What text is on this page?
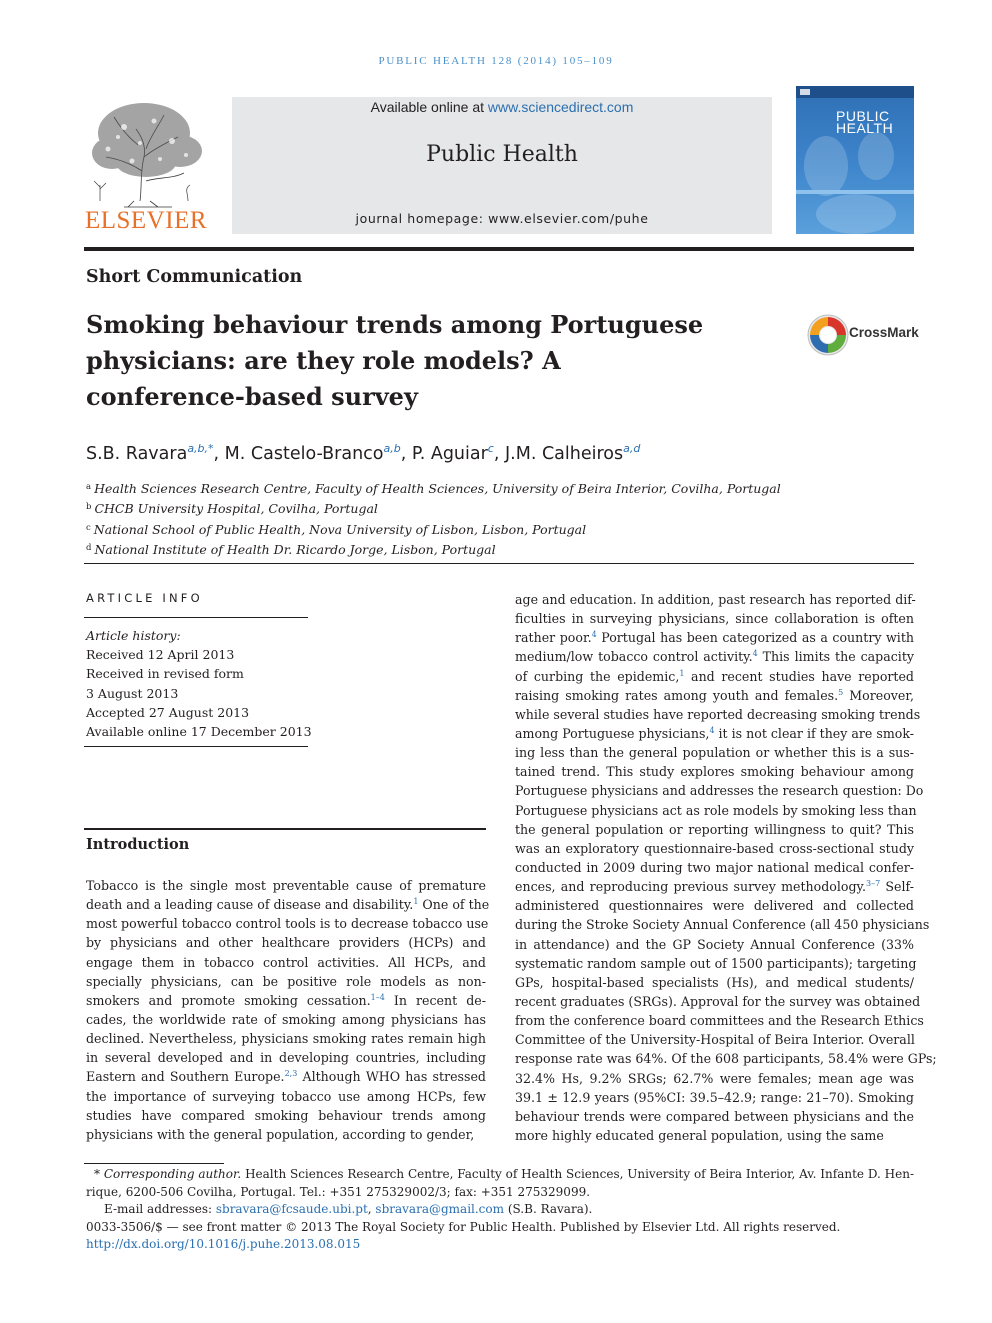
PUBLIC HEALTH 128 (2014) 105–109
ELSEVIER
Available online at www.sciencedirect.com
Public Health
journal homepage: www.elsevier.com/puhe
PUBLIC
HEALTH
Short Communication
Smoking behaviour trends among Portuguese
physicians: are they role models? A
conference-based survey
CrossMark
S.B. Ravara$^{a,b,*}$, M. Castelo-Branco$^{a,b}$, P. Aguiar$^c$, J.M. Calheiros$^{a,d}$
$^a$ Health Sciences Research Centre, Faculty of Health Sciences, University of Beira Interior, Covilha, Portugal
$^b$ CHCB University Hospital, Covilha, Portugal
$^c$ National School of Public Health, Nova University of Lisbon, Lisbon, Portugal
$^d$ National Institute of Health Dr. Ricardo Jorge, Lisbon, Portugal
ARTICLE INFO
Article history:
Received 12 April 2013
Received in revised form
3 August 2013
Accepted 27 August 2013
Available online 17 December 2013
Introduction
Tobacco is the single most preventable cause of premature
death and a leading cause of disease and disability.$^1$ One of the
most powerful tobacco control tools is to decrease tobacco use
by physicians and other healthcare providers (HCPs) and
engage them in tobacco control activities. All HCPs, and
specially physicians, can be positive role models as non-
smokers and promote smoking cessation.$^{1-4}$ In recent de-
cades, the worldwide rate of smoking among physicians has
declined. Nevertheless, physicians smoking rates remain high
in several developed and in developing countries, including
Eastern and Southern Europe.$^{2,3}$ Although WHO has stressed
the importance of surveying tobacco use among HCPs, few
studies have compared smoking behaviour trends among
physicians with the general population, according to gender,
age and education. In addition, past research has reported dif-
ficulties in surveying physicians, since collaboration is often
rather poor.$^4$ Portugal has been categorized as a country with
medium/low tobacco control activity.$^4$ This limits the capacity
of curbing the epidemic,$^1$ and recent studies have reported
raising smoking rates among youth and females.$^5$ Moreover,
while several studies have reported decreasing smoking trends
among Portuguese physicians,$^4$ it is not clear if they are smok-
ing less than the general population or whether this is a sus-
tained trend. This study explores smoking behaviour among
Portuguese physicians and addresses the research question: Do
Portuguese physicians act as role models by smoking less than
the general population or reporting willingness to quit? This
was an exploratory questionnaire-based cross-sectional study
conducted in 2009 during two major national medical confer-
ences, and reproducing previous survey methodology.$^{3-7}$ Self-
administered questionnaires were delivered and collected
during the Stroke Society Annual Conference (all 450 physicians
in attendance) and the GP Society Annual Conference (33%
systematic random sample out of 1500 participants); targeting
GPs, hospital-based specialists (Hs), and medical students/
recent graduates (SRGs). Approval for the survey was obtained
from the conference board committees and the Research Ethics
Committee of the University-Hospital of Beira Interior. Overall
response rate was 64%. Of the 608 participants, 58.4% were GPs;
32.4% Hs, 9.2% SRGs; 62.7% were females; mean age was
39.1 ± 12.9 years (95%CI: 39.5–42.9; range: 21–70). Smoking
behaviour trends were compared between physicians and the
more highly educated general population, using the same
* Corresponding author. Health Sciences Research Centre, Faculty of Health Sciences, University of Beira Interior, Av. Infante D. Hen-
rique, 6200-506 Covilha, Portugal. Tel.: +351 275329002/3; fax: +351 275329099.
E-mail addresses: sbravara@fcsaude.ubi.pt, sbravara@gmail.com (S.B. Ravara).
0033-3506/$ — see front matter © 2013 The Royal Society for Public Health. Published by Elsevier Ltd. All rights reserved.
http://dx.doi.org/10.1016/j.puhe.2013.08.015
